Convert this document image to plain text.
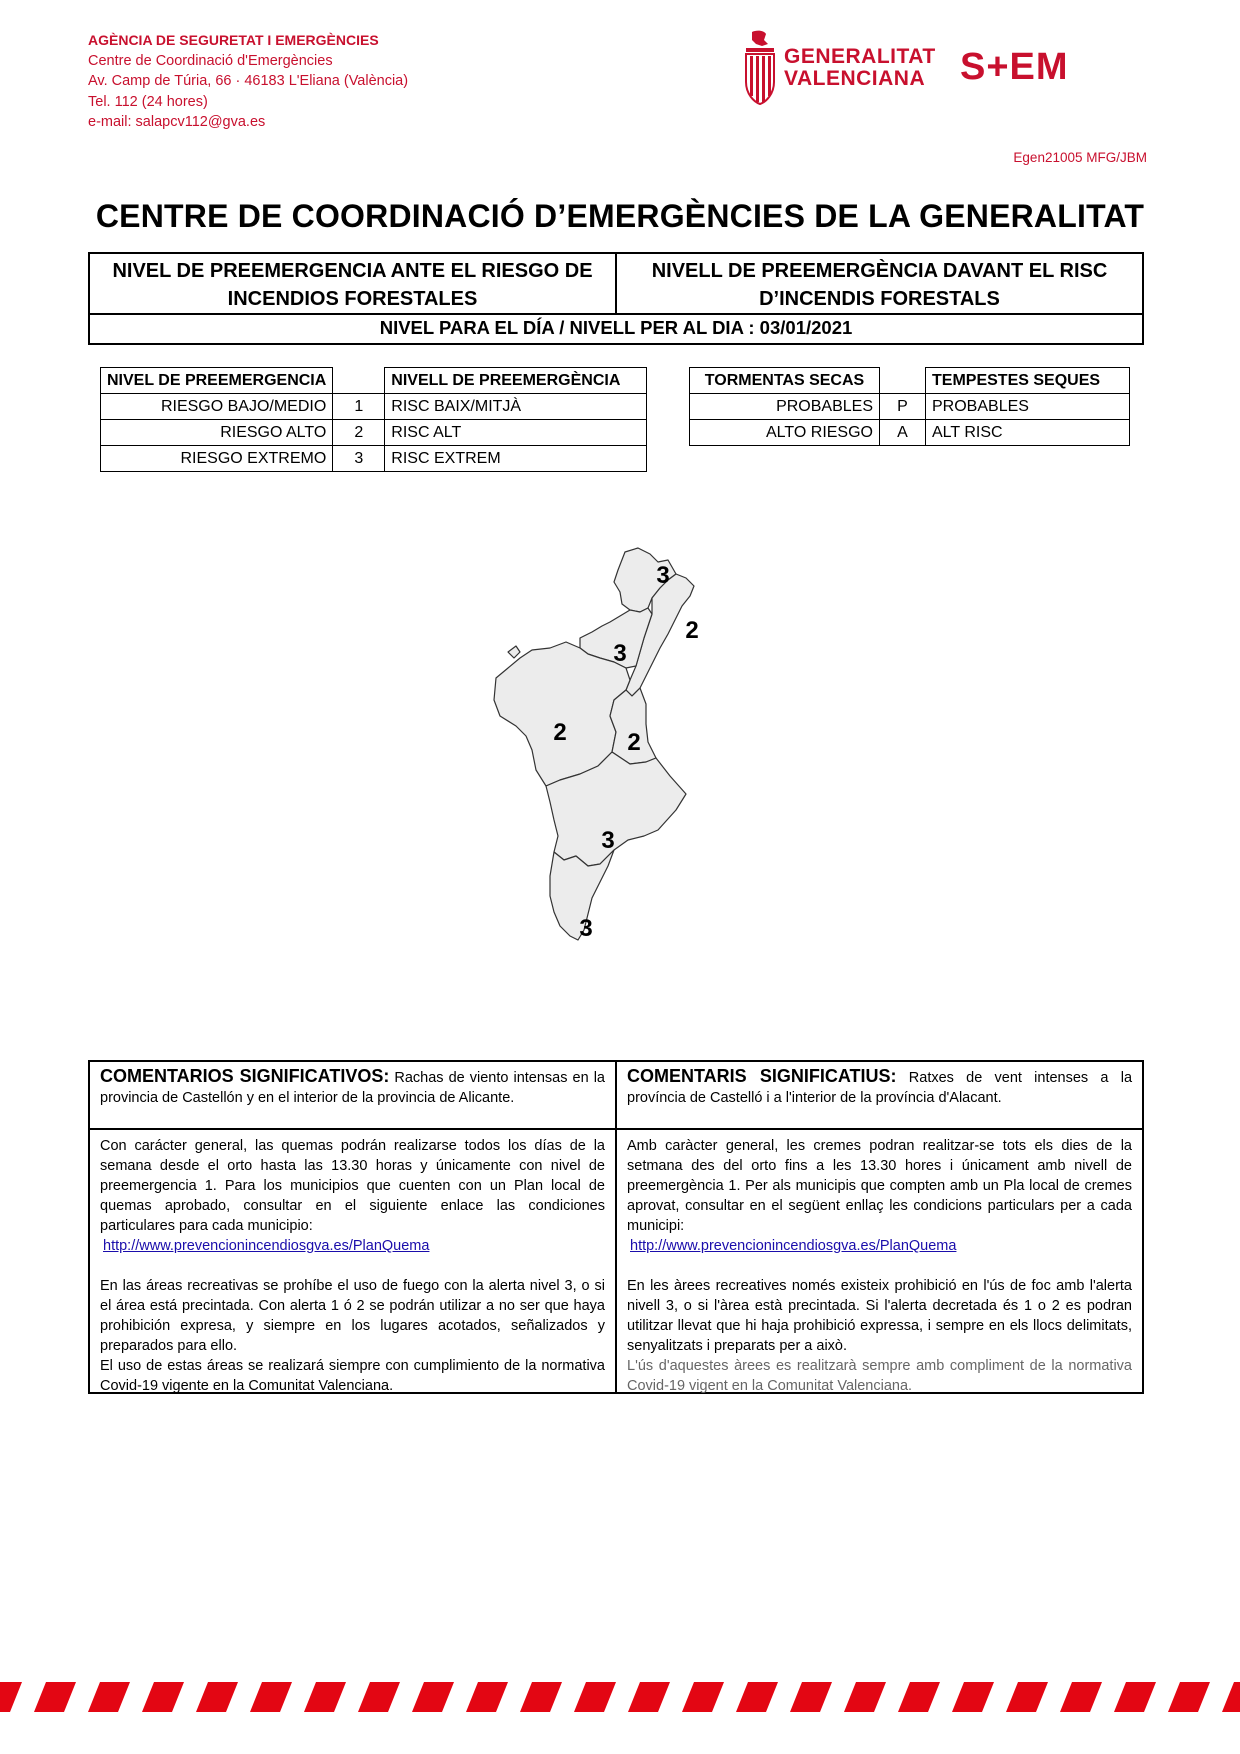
AGÈNCIA DE SEGURETAT I EMERGÈNCIES
Centre de Coordinació d'Emergències
Av. Camp de Túria, 66 · 46183 L'Eliana (València)
Tel. 112 (24 hores)
e-mail: salapcv112@gva.es
GENERALITAT
VALENCIANA S+EM
Egen21005 MFG/JBM
CENTRE DE COORDINACIÓ D’EMERGÈNCIES DE LA GENERALITAT
NIVEL DE PREEMERGENCIA ANTE EL RIESGO DE INCENDIOS FORESTALES
NIVELL DE PREEMERGÈNCIA DAVANT EL RISC D’INCENDIS FORESTALS
NIVEL PARA EL DÍA / NIVELL PER AL DIA : 03/01/2021
NIVEL DE PREEMERGENCIA		NIVELL DE PREEMERGÈNCIA
RIESGO BAJO/MEDIO	1	RISC BAIX/MITJÀ
RIESGO ALTO	2	RISC ALT
RIESGO EXTREMO	3	RISC EXTREM
TORMENTAS SECAS		TEMPESTES SEQUES
PROBABLES	P	PROBABLES
ALTO RIESGO	A	ALT RISC
3
2
3
2	2
3
3
COMENTARIOS SIGNIFICATIVOS: Rachas de viento intensas en la provincia de Castellón y en el interior de la provincia de Alicante.
COMENTARIS SIGNIFICATIUS: Ratxes de vent intenses a la província de Castelló i a l'interior de la província d'Alacant.
Con carácter general, las quemas podrán realizarse todos los días de la semana desde el orto hasta las 13.30 horas y únicamente con nivel de preemergencia 1. Para los municipios que cuenten con un Plan local de quemas aprobado, consultar en el siguiente enlace las condiciones particulares para cada municipio:
http://www.prevencionincendiosgva.es/PlanQuema
En las áreas recreativas se prohíbe el uso de fuego con la alerta nivel 3, o si el área está precintada. Con alerta 1 ó 2 se podrán utilizar a no ser que haya prohibición expresa, y siempre en los lugares acotados, señalizados y preparados para ello.
El uso de estas áreas se realizará siempre con cumplimiento de la normativa Covid-19 vigente en la Comunitat Valenciana.
Amb caràcter general, les cremes podran realitzar-se tots els dies de la setmana des del orto fins a les 13.30 hores i únicament amb nivell de preemergència 1. Per als municipis que compten amb un Pla local de cremes aprovat, consultar en el següent enllaç les condicions particulars per a cada municipi:
http://www.prevencionincendiosgva.es/PlanQuema
En les àrees recreatives només existeix prohibició en l'ús de foc amb l'alerta nivell 3, o si l'àrea està precintada. Si l'alerta decretada és 1 o 2 es podran utilitzar llevat que hi haja prohibició expressa, i sempre en els llocs delimitats, senyalitzats i preparats per a això.
L'ús d'aquestes àrees es realitzarà sempre amb compliment de la normativa Covid-19 vigent en la Comunitat Valenciana.
